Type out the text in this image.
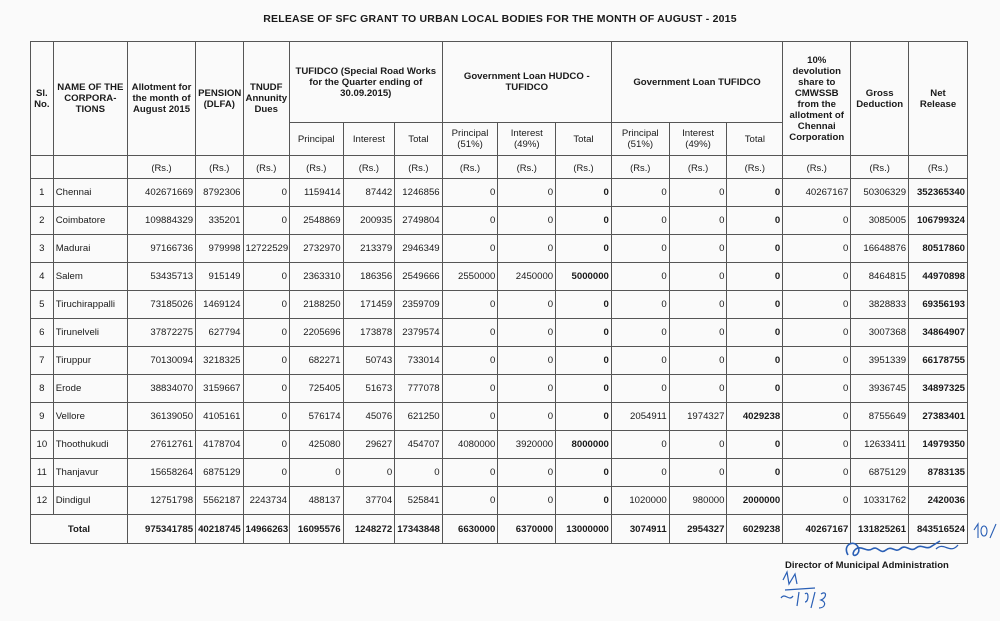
RELEASE OF SFC GRANT TO URBAN LOCAL BODIES FOR THE MONTH OF AUGUST - 2015
Sl. No.	NAME OF THE CORPORA-TIONS	Allotment for the month of August 2015	PENSION (DLFA)	TNUDF Annunity Dues	TUFIDCO (Special Road Works for the Quarter ending of 30.09.2015)			Government Loan HUDCO - TUFIDCO			Government Loan TUFIDCO			10% devolution share to CMWSSB from the allotment of Chennai Corporation	Gross Deduction	Net Release
					Principal	Interest	Total	Principal (51%)	Interest (49%)	Total	Principal (51%)	Interest (49%)	Total			
		(Rs.)	(Rs.)	(Rs.)	(Rs.)	(Rs.)	(Rs.)	(Rs.)	(Rs.)	(Rs.)	(Rs.)	(Rs.)	(Rs.)	(Rs.)	(Rs.)	(Rs.)
1	Chennai	402671669	8792306	0	1159414	87442	1246856	0	0	0	0	0	0	40267167	50306329	352365340
2	Coimbatore	109884329	335201	0	2548869	200935	2749804	0	0	0	0	0	0	0	3085005	106799324
3	Madurai	97166736	979998	12722529	2732970	213379	2946349	0	0	0	0	0	0	0	16648876	80517860
4	Salem	53435713	915149	0	2363310	186356	2549666	2550000	2450000	5000000	0	0	0	0	8464815	44970898
5	Tiruchirappalli	73185026	1469124	0	2188250	171459	2359709	0	0	0	0	0	0	0	3828833	69356193
6	Tirunelveli	37872275	627794	0	2205696	173878	2379574	0	0	0	0	0	0	0	3007368	34864907
7	Tiruppur	70130094	3218325	0	682271	50743	733014	0	0	0	0	0	0	0	3951339	66178755
8	Erode	38834070	3159667	0	725405	51673	777078	0	0	0	0	0	0	0	3936745	34897325
9	Vellore	36139050	4105161	0	576174	45076	621250	0	0	0	2054911	1974327	4029238	0	8755649	27383401
10	Thoothukudi	27612761	4178704	0	425080	29627	454707	4080000	3920000	8000000	0	0	0	0	12633411	14979350
11	Thanjavur	15658264	6875129	0	0	0	0	0	0	0	0	0	0	0	6875129	8783135
12	Dindigul	12751798	5562187	2243734	488137	37704	525841	0	0	0	1020000	980000	2000000	0	10331762	2420036
Total		975341785	40218745	14966263	16095576	1248272	17343848	6630000	6370000	13000000	3074911	2954327	6029238	40267167	131825261	843516524
Director of Municipal Administration
